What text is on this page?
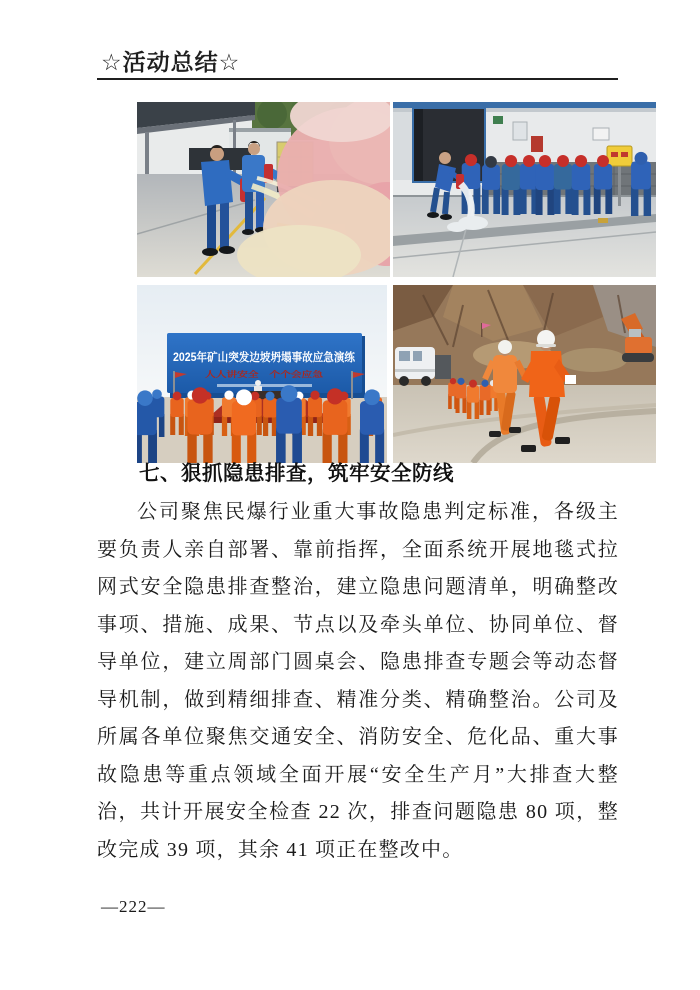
☆活动总结☆
2025年矿山突发边坡坍塌事故应急演练
人人讲安全　个个会应急
七、狠抓隐患排查，筑牢安全防线

公司聚焦民爆行业重大事故隐患判定标准，各级主要负责人亲自部署、靠前指挥，全面系统开展地毯式拉网式安全隐患排查整治，建立隐患问题清单，明确整改事项、措施、成果、节点以及牵头单位、协同单位、督导单位，建立周部门圆桌会、隐患排查专题会等动态督导机制，做到精细排查、精准分类、精确整治。公司及所属各单位聚焦交通安全、消防安全、危化品、重大事故隐患等重点领域全面开展“安全生产月”大排查大整治，共计开展安全检查 22 次，排查问题隐患 80 项，整改完成 39 项，其余 41 项正在整改中。

—222—
